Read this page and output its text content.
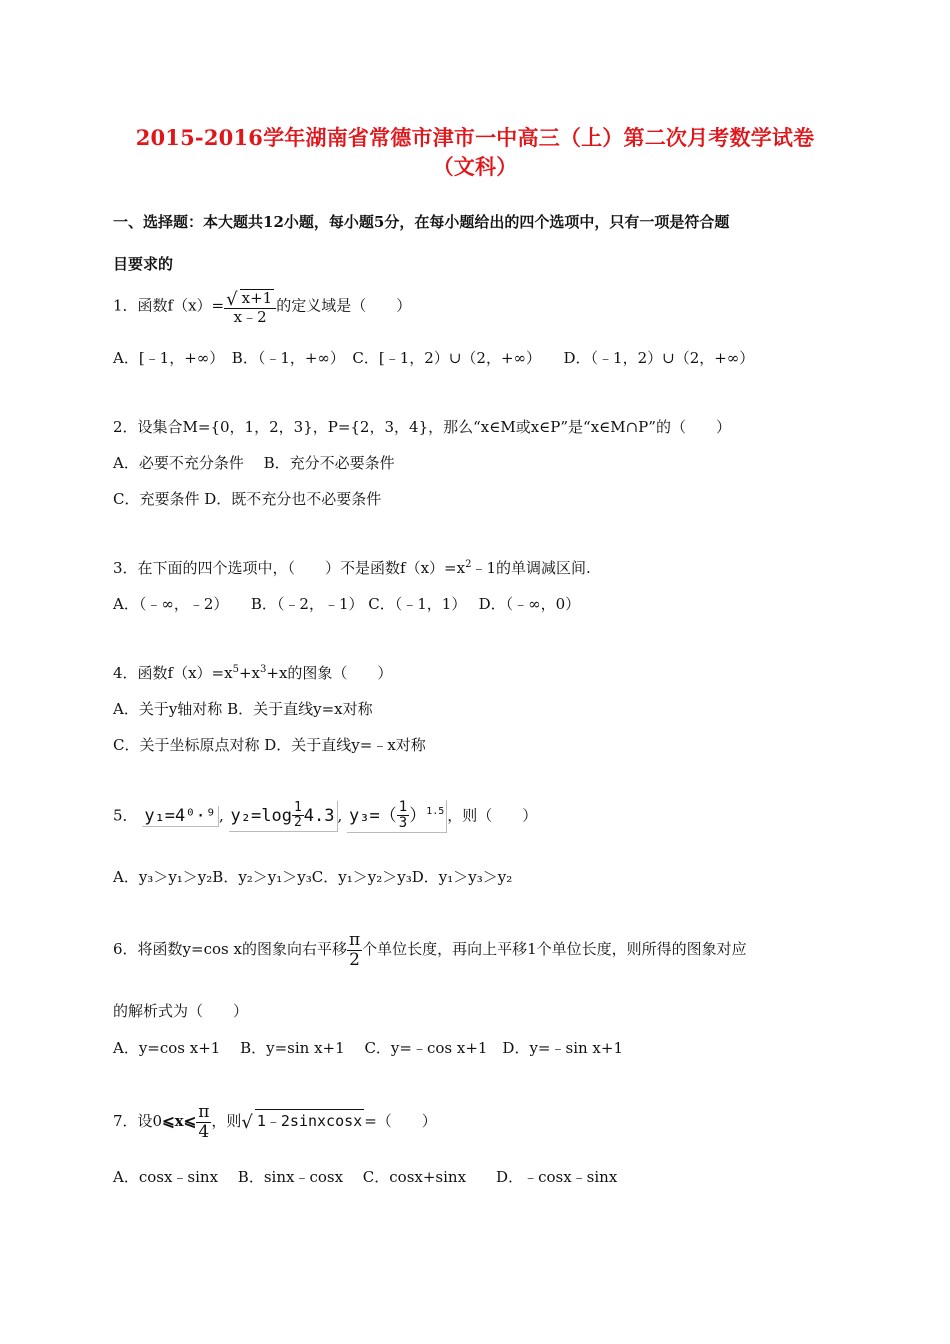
2015-2016学年湖南省常德市津市一中高三（上）第二次月考数学试卷
（文科）
一、选择题：本大题共12小题，每小题5分，在每小题给出的四个选项中，只有一项是符合题
目要求的
1．函数$f(x)= \frac{√ x+1}{x﹣2}$ 的定义域是（　　）
A．[﹣1，+∞）　B．（﹣1，+∞）　C．[﹣1，2）∪（2，+∞）　　D．（﹣1，2）∪（2，+∞）
2．设集合M={0，1，2，3}，P={2，3，4}，那么“x∈M或x∈P”是“x∈M∩P”的（　　）
A．必要不充分条件　 B．充分不必要条件
C．充要条件 D．既不充分也不必要条件
3．在下面的四个选项中，（　　）不是函数$f(x)=x^2﹣1$的单调减区间.
A．（﹣∞，﹣2）　　B．（﹣2，﹣1） C．（﹣1，1）　 D．（﹣∞，0）
4．函数$f(x)=x^5+x^3+x$的图象（　　）
A．关于y轴对称 B．关于直线y=x对称
C．关于坐标原点对称 D．关于直线y=﹣x对称
5． y₁=4⁰·⁹ , $y_2=\log \frac{1}{2} 4.3$ , $y_3=( \frac{1}{3} )^{1.5}$ ，则（　　）
A．y₃＞y₁＞y₂B．y₂＞y₁＞y₃C．y₁＞y₂＞y₃D．y₁＞y₃＞y₂
6．将函数y=cos x的图象向右平移 $\frac{\pi}{2}$ 个单位长度，再向上平移1个单位长度，则所得的图象对应
的解析式为（　　）
A．y=cos x+1　 B．y=sin x+1　 C．y=﹣cos x+1　D．y=﹣sin x+1
7．设0⩽x⩽ $\frac{\pi}{4}$ ，则√ 1﹣2sinxcosx =（　　）
A．cosx﹣sinx　 B．sinx﹣cosx　 C．cosx+sinx　　D．﹣cosx﹣sinx
